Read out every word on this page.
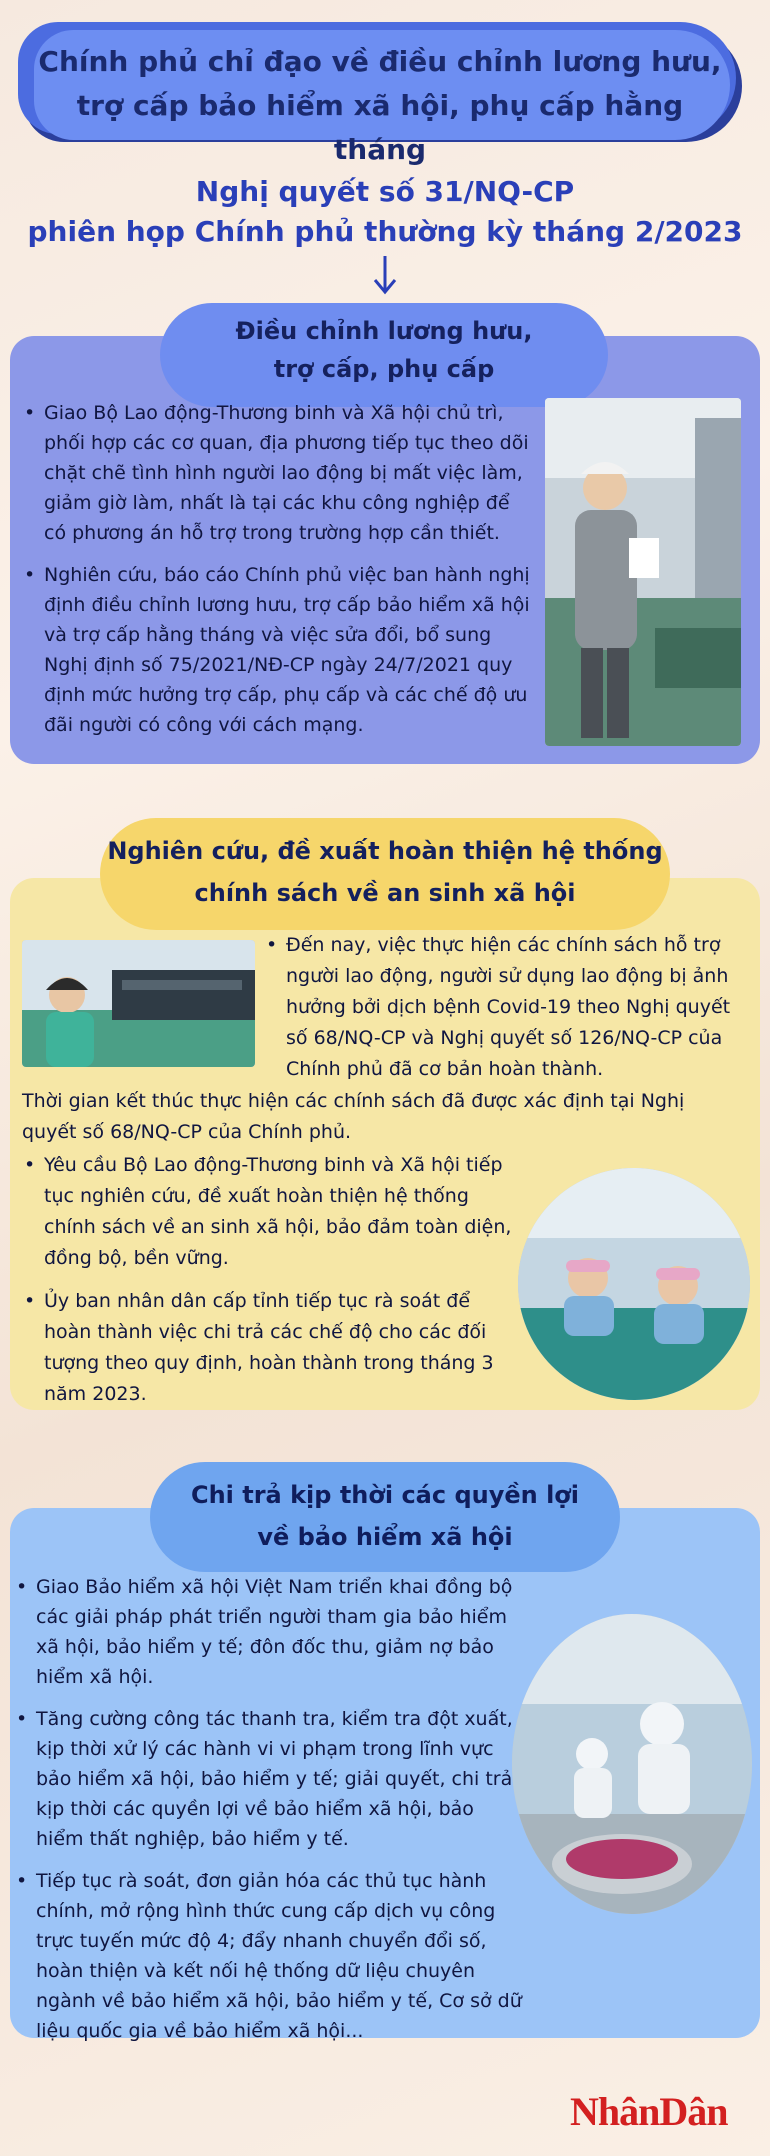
Chính phủ chỉ đạo về điều chỉnh lương hưu,
trợ cấp bảo hiểm xã hội, phụ cấp hằng tháng
Nghị quyết số 31/NQ-CP
phiên họp Chính phủ thường kỳ tháng 2/2023
Điều chỉnh lương hưu,
trợ cấp, phụ cấp
• Giao Bộ Lao động-Thương binh và Xã hội chủ trì, phối hợp các cơ quan, địa phương tiếp tục theo dõi chặt chẽ tình hình người lao động bị mất việc làm, giảm giờ làm, nhất là tại các khu công nghiệp để có phương án hỗ trợ trong trường hợp cần thiết.
• Nghiên cứu, báo cáo Chính phủ việc ban hành nghị định điều chỉnh lương hưu, trợ cấp bảo hiểm xã hội và trợ cấp hằng tháng và việc sửa đổi, bổ sung Nghị định số 75/2021/NĐ-CP ngày 24/7/2021 quy định mức hưởng trợ cấp, phụ cấp và các chế độ ưu đãi người có công với cách mạng.
Nghiên cứu, đề xuất hoàn thiện hệ thống
chính sách về an sinh xã hội
• Đến nay, việc thực hiện các chính sách hỗ trợ người lao động, người sử dụng lao động bị ảnh hưởng bởi dịch bệnh Covid-19 theo Nghị quyết số 68/NQ-CP và Nghị quyết số 126/NQ-CP của Chính phủ đã cơ bản hoàn thành.
Thời gian kết thúc thực hiện các chính sách đã được xác định tại Nghị quyết số 68/NQ-CP của Chính phủ.
• Yêu cầu Bộ Lao động-Thương binh và Xã hội tiếp tục nghiên cứu, đề xuất hoàn thiện hệ thống chính sách về an sinh xã hội, bảo đảm toàn diện, đồng bộ, bền vững.
• Ủy ban nhân dân cấp tỉnh tiếp tục rà soát để hoàn thành việc chi trả các chế độ cho các đối tượng theo quy định, hoàn thành trong tháng 3 năm 2023.
Chi trả kịp thời các quyền lợi
về bảo hiểm xã hội
• Giao Bảo hiểm xã hội Việt Nam triển khai đồng bộ các giải pháp phát triển người tham gia bảo hiểm xã hội, bảo hiểm y tế; đôn đốc thu, giảm nợ bảo hiểm xã hội.
• Tăng cường công tác thanh tra, kiểm tra đột xuất, kịp thời xử lý các hành vi vi phạm trong lĩnh vực bảo hiểm xã hội, bảo hiểm y tế; giải quyết, chi trả kịp thời các quyền lợi về bảo hiểm xã hội, bảo hiểm thất nghiệp, bảo hiểm y tế.
• Tiếp tục rà soát, đơn giản hóa các thủ tục hành chính, mở rộng hình thức cung cấp dịch vụ công trực tuyến mức độ 4; đẩy nhanh chuyển đổi số, hoàn thiện và kết nối hệ thống dữ liệu chuyên ngành về bảo hiểm xã hội, bảo hiểm y tế, Cơ sở dữ liệu quốc gia về bảo hiểm xã hội...
NhânDân
